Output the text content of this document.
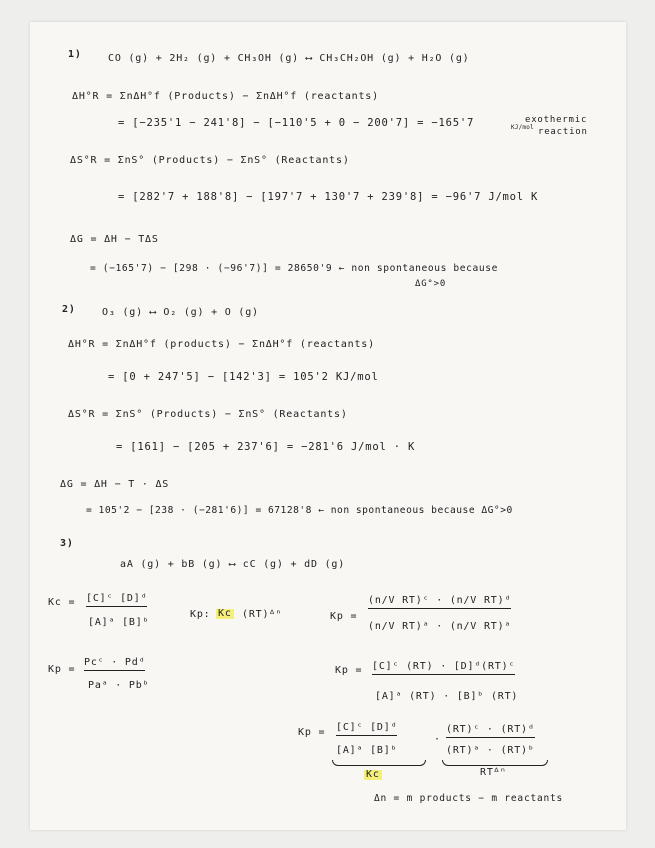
1)	CO (g) + 2H₂ (g) + CH₃OH (g) ⟷ CH₃CH₂OH (g) + H₂O (g)
ΔH°R = ΣnΔH°f (Products) − ΣnΔH°f (reactants)
= [−235'1 − 241'8] − [−110'5 + 0 − 200'7] = −165'7	KJ/mol
exothermic
reaction
ΔS°R = ΣnS° (Products) − ΣnS° (Reactants)
= [282'7 + 188'8] − [197'7 + 130'7 + 239'8] = −96'7 J/mol K
ΔG = ΔH − TΔS
= (−165'7) − [298 · (−96'7)] = 28650'9 ← non spontaneous because
ΔG°>0
2)	O₃ (g) ⟷ O₂ (g) + O (g)
ΔH°R = ΣnΔH°f (products) − ΣnΔH°f (reactants)
= [0 + 247'5] − [142'3] = 105'2 KJ/mol
ΔS°R = ΣnS° (Products) − ΣnS° (Reactants)
= [161] − [205 + 237'6] = −281'6 J/mol · K
ΔG = ΔH − T · ΔS
= 105'2 − [238 · (−281'6)] = 67128'8 ← non spontaneous because ΔG°>0
3)
aA (g) + bB (g) ⟷ cC (g) + dD (g)
Kc = [C]ᶜ [D]ᵈ
[A]ᵃ [B]ᵇ
Kp: Kc (RT)ᐞⁿ	Kp =
(n/V RT)ᶜ · (n/V RT)ᵈ
(n/V RT)ᵃ · (n/V RT)ᵃ
Kp =
Pcᶜ · Pdᵈ
Paᵃ · Pbᵇ
Kp = [C]ᶜ (RT) · [D]ᵈ(RT)ᶜ
[A]ᵃ (RT) · [B]ᵇ (RT)
Kp = [C]ᶜ [D]ᵈ
[A]ᵃ [B]ᵇ
Kc
·
(RT)ᶜ · (RT)ᵈ
(RT)ᵃ · (RT)ᵇ
RTᐞⁿ
Δn = m products − m reactants
